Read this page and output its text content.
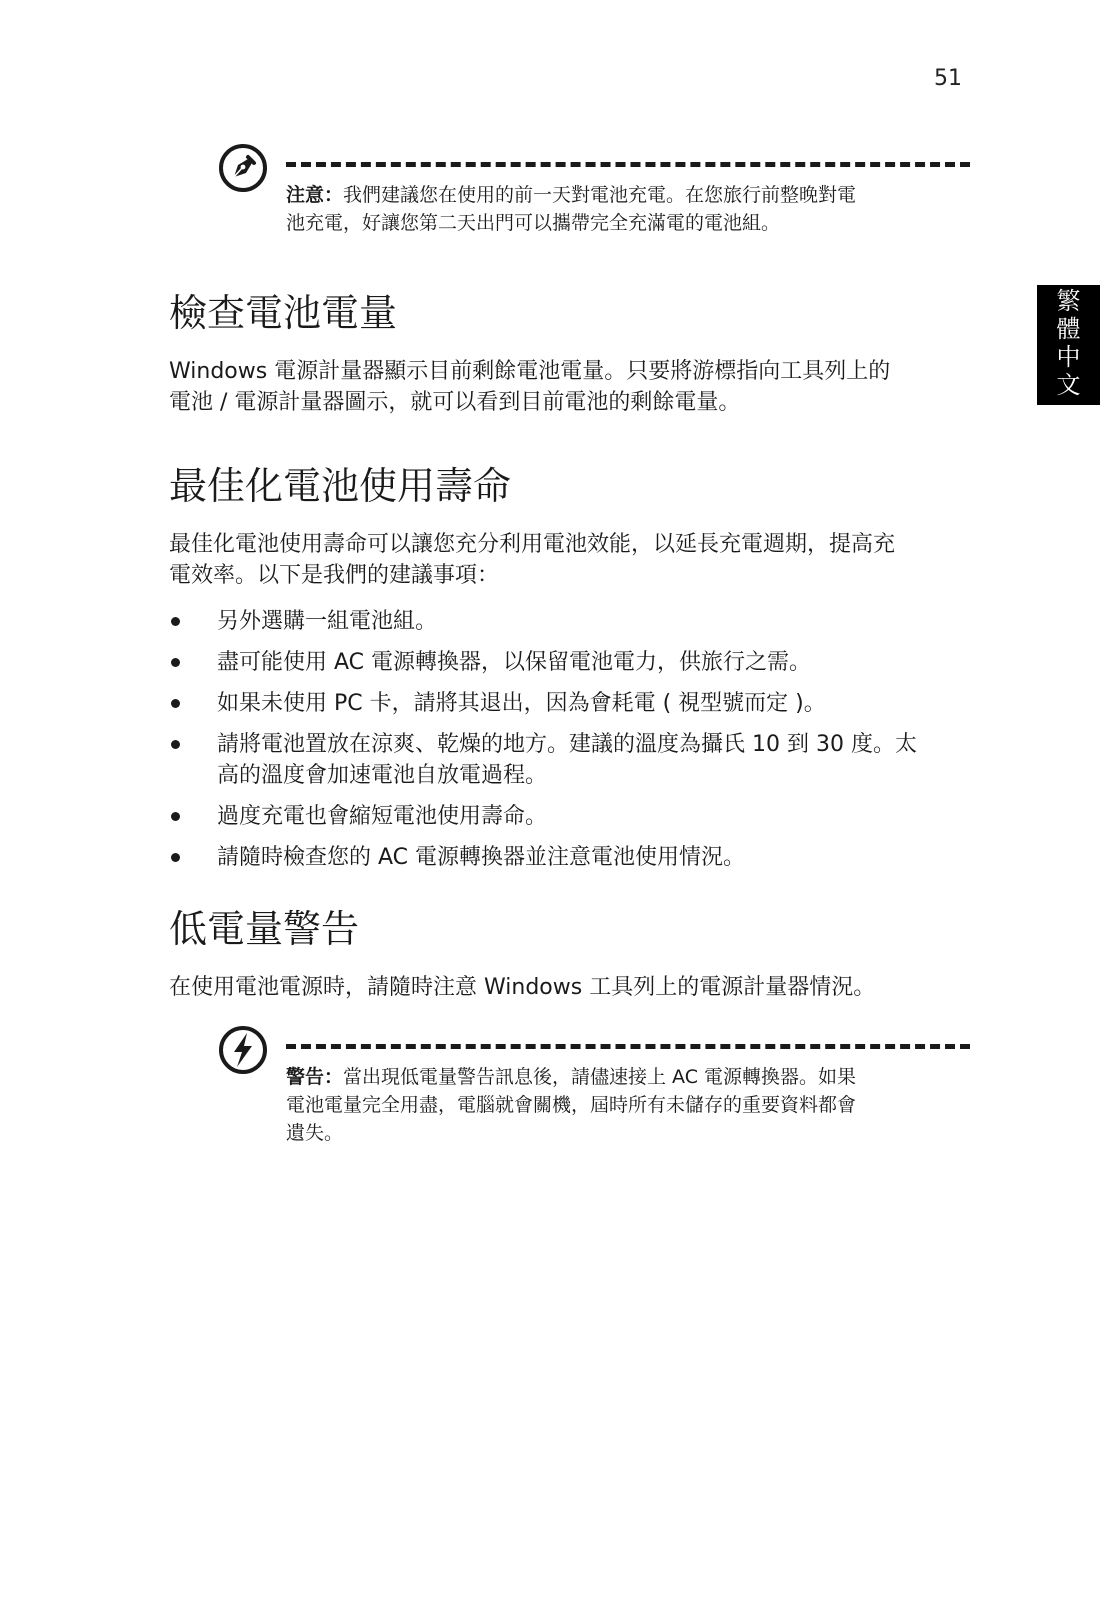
51
繁
體
中
文
注意：我們建議您在使用的前一天對電池充電。在您旅行前整晚對電
池充電，好讓您第二天出門可以攜帶完全充滿電的電池組。
檢查電池電量
Windows 電源計量器顯示目前剩餘電池電量。只要將游標指向工具列上的
電池 / 電源計量器圖示，就可以看到目前電池的剩餘電量。
最佳化電池使用壽命
最佳化電池使用壽命可以讓您充分利用電池效能，以延長充電週期，提高充
電效率。以下是我們的建議事項：
另外選購一組電池組。
盡可能使用 AC 電源轉換器，以保留電池電力，供旅行之需。
如果未使用 PC 卡，請將其退出，因為會耗電 ( 視型號而定 )。
請將電池置放在涼爽、乾燥的地方。建議的溫度為攝氏 10 到 30 度。太
高的溫度會加速電池自放電過程。
過度充電也會縮短電池使用壽命。
請隨時檢查您的 AC 電源轉換器並注意電池使用情況。
低電量警告
在使用電池電源時，請隨時注意 Windows 工具列上的電源計量器情況。
警告：當出現低電量警告訊息後，請儘速接上 AC 電源轉換器。如果
電池電量完全用盡，電腦就會關機，屆時所有未儲存的重要資料都會
遺失。
